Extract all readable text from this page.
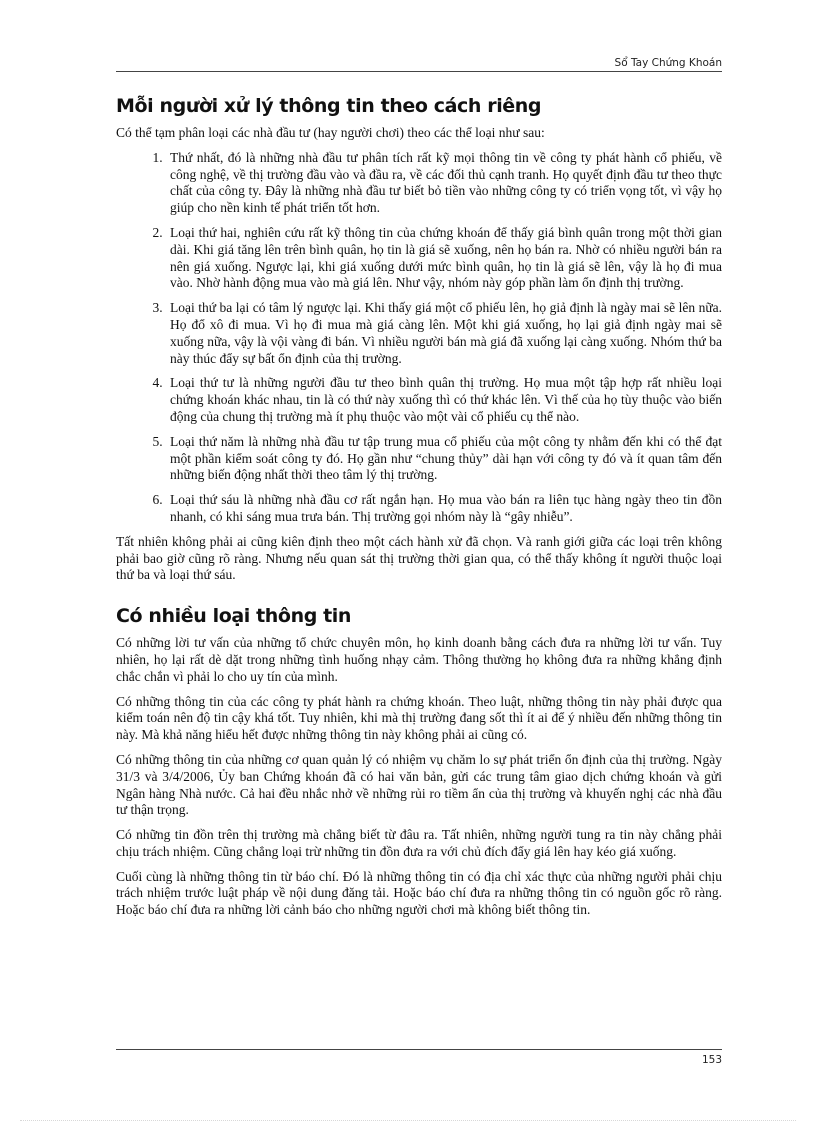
Sổ Tay Chứng Khoán
Mỗi người xử lý thông tin theo cách riêng

Có thể tạm phân loại các nhà đầu tư (hay người chơi) theo các thể loại như sau:

1. Thứ nhất, đó là những nhà đầu tư phân tích rất kỹ mọi thông tin về công ty phát hành cổ phiếu, về công nghệ, về thị trường đầu vào và đầu ra, về các đối thủ cạnh tranh. Họ quyết định đầu tư theo thực chất của công ty. Đây là những nhà đầu tư biết bỏ tiền vào những công ty có triển vọng tốt, vì vậy họ giúp cho nền kinh tế phát triển tốt hơn.
2. Loại thứ hai, nghiên cứu rất kỹ thông tin của chứng khoán để thấy giá bình quân trong một thời gian dài. Khi giá tăng lên trên bình quân, họ tin là giá sẽ xuống, nên họ bán ra. Nhờ có nhiều người bán ra nên giá xuống. Ngược lại, khi giá xuống dưới mức bình quân, họ tin là giá sẽ lên, vậy là họ đi mua vào. Nhờ hành động mua vào mà giá lên. Như vậy, nhóm này góp phần làm ổn định thị trường.
3. Loại thứ ba lại có tâm lý ngược lại. Khi thấy giá một cổ phiếu lên, họ giả định là ngày mai sẽ lên nữa. Họ đổ xô đi mua. Vì họ đi mua mà giá càng lên. Một khi giá xuống, họ lại giả định ngày mai sẽ xuống nữa, vậy là vội vàng đi bán. Vì nhiều người bán mà giá đã xuống lại càng xuống. Nhóm thứ ba này thúc đẩy sự bất ổn định của thị trường.
4. Loại thứ tư là những người đầu tư theo bình quân thị trường. Họ mua một tập hợp rất nhiều loại chứng khoán khác nhau, tin là có thứ này xuống thì có thứ khác lên. Vì thế của họ tùy thuộc vào biến động của chung thị trường mà ít phụ thuộc vào một vài cổ phiếu cụ thể nào.
5. Loại thứ năm là những nhà đầu tư tập trung mua cổ phiếu của một công ty nhằm đến khi có thể đạt một phần kiểm soát công ty đó. Họ gần như “chung thủy” dài hạn với công ty đó và ít quan tâm đến những biến động nhất thời theo tâm lý thị trường.
6. Loại thứ sáu là những nhà đầu cơ rất ngắn hạn. Họ mua vào bán ra liên tục hàng ngày theo tin đồn nhanh, có khi sáng mua trưa bán. Thị trường gọi nhóm này là “gây nhiễu”.

Tất nhiên không phải ai cũng kiên định theo một cách hành xử đã chọn. Và ranh giới giữa các loại trên không phải bao giờ cũng rõ ràng. Nhưng nếu quan sát thị trường thời gian qua, có thể thấy không ít người thuộc loại thứ ba và loại thứ sáu.

Có nhiều loại thông tin

Có những lời tư vấn của những tổ chức chuyên môn, họ kinh doanh bằng cách đưa ra những lời tư vấn. Tuy nhiên, họ lại rất dè dặt trong những tình huống nhạy cảm. Thông thường họ không đưa ra những khẳng định chắc chắn vì phải lo cho uy tín của mình.

Có những thông tin của các công ty phát hành ra chứng khoán. Theo luật, những thông tin này phải được qua kiểm toán nên độ tin cậy khá tốt. Tuy nhiên, khi mà thị trường đang sốt thì ít ai để ý nhiều đến những thông tin này. Mà khả năng hiểu hết được những thông tin này không phải ai cũng có.

Có những thông tin của những cơ quan quản lý có nhiệm vụ chăm lo sự phát triển ổn định của thị trường. Ngày 31/3 và 3/4/2006, Ủy ban Chứng khoán đã có hai văn bản, gửi các trung tâm giao dịch chứng khoán và gửi Ngân hàng Nhà nước. Cả hai đều nhắc nhở về những rủi ro tiềm ẩn của thị trường và khuyến nghị các nhà đầu tư thận trọng.

Có những tin đồn trên thị trường mà chẳng biết từ đâu ra. Tất nhiên, những người tung ra tin này chẳng phải chịu trách nhiệm. Cũng chẳng loại trừ những tin đồn đưa ra với chủ đích đẩy giá lên hay kéo giá xuống.

Cuối cùng là những thông tin từ báo chí. Đó là những thông tin có địa chỉ xác thực của những người phải chịu trách nhiệm trước luật pháp về nội dung đăng tải. Hoặc báo chí đưa ra những thông tin có nguồn gốc rõ ràng. Hoặc báo chí đưa ra những lời cảnh báo cho những người chơi mà không biết thông tin.

153
